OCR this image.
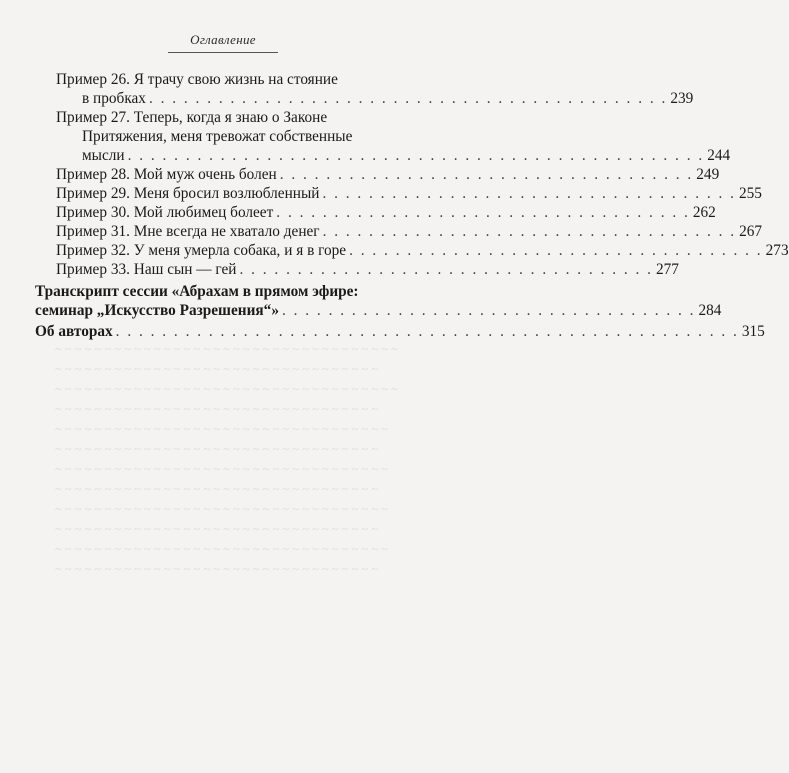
Оглавление

~ ~ ~ ~ ~ ~ ~ ~ ~ ~ ~ ~ ~ ~ ~ ~ ~ ~ ~ ~ ~ ~ ~ ~ ~ ~ ~ ~ ~ ~ ~ ~ ~ ~ ~

~ ~ ~ ~ ~ ~ ~ ~ ~ ~ ~ ~ ~ ~ ~ ~ ~ ~ ~ ~ ~ ~ ~ ~ ~ ~ ~ ~ ~ ~ ~ ~ ~

~ ~ ~ ~ ~ ~ ~ ~ ~ ~ ~ ~ ~ ~ ~ ~ ~ ~ ~ ~ ~ ~ ~ ~ ~ ~ ~ ~ ~ ~ ~ ~ ~ ~ ~

~ ~ ~ ~ ~ ~ ~ ~ ~ ~ ~ ~ ~ ~ ~ ~ ~ ~ ~ ~ ~ ~ ~ ~ ~ ~ ~ ~ ~ ~ ~ ~ ~

~ ~ ~ ~ ~ ~ ~ ~ ~ ~ ~ ~ ~ ~ ~ ~ ~ ~ ~ ~ ~ ~ ~ ~ ~ ~ ~ ~ ~ ~ ~ ~ ~ ~

~ ~ ~ ~ ~ ~ ~ ~ ~ ~ ~ ~ ~ ~ ~ ~ ~ ~ ~ ~ ~ ~ ~ ~ ~ ~ ~ ~ ~ ~ ~ ~ ~

~ ~ ~ ~ ~ ~ ~ ~ ~ ~ ~ ~ ~ ~ ~ ~ ~ ~ ~ ~ ~ ~ ~ ~ ~ ~ ~ ~ ~ ~ ~ ~ ~ ~

~ ~ ~ ~ ~ ~ ~ ~ ~ ~ ~ ~ ~ ~ ~ ~ ~ ~ ~ ~ ~ ~ ~ ~ ~ ~ ~ ~ ~ ~ ~ ~ ~

~ ~ ~ ~ ~ ~ ~ ~ ~ ~ ~ ~ ~ ~ ~ ~ ~ ~ ~ ~ ~ ~ ~ ~ ~ ~ ~ ~ ~ ~ ~ ~ ~ ~

~ ~ ~ ~ ~ ~ ~ ~ ~ ~ ~ ~ ~ ~ ~ ~ ~ ~ ~ ~ ~ ~ ~ ~ ~ ~ ~ ~ ~ ~ ~ ~ ~

~ ~ ~ ~ ~ ~ ~ ~ ~ ~ ~ ~ ~ ~ ~ ~ ~ ~ ~ ~ ~ ~ ~ ~ ~ ~ ~ ~ ~ ~ ~ ~ ~ ~

~ ~ ~ ~ ~ ~ ~ ~ ~ ~ ~ ~ ~ ~ ~ ~ ~ ~ ~ ~ ~ ~ ~ ~ ~ ~ ~ ~ ~ ~ ~ ~ ~

Пример 26. Я трачу свою жизнь на стояние
в пробках . . . . . . . . . . . . . . . . . . . . . . . . . . . . . . . . . . . . . . . . . . . . . 239
Пример 27. Теперь, когда я знаю о Законе
Притяжения, меня тревожат собственные
мысли . . . . . . . . . . . . . . . . . . . . . . . . . . . . . . . . . . . . . . . . . . . . . . . . . . 244
Пример 28. Мой муж очень болен . . . . . . . . . . . . . . . . . . . . . . . . . . . . . . . . . . . . 249
Пример 29. Меня бросил возлюбленный . . . . . . . . . . . . . . . . . . . . . . . . . . . . . . . . . . . . 255
Пример 30. Мой любимец болеет . . . . . . . . . . . . . . . . . . . . . . . . . . . . . . . . . . . . 262
Пример 31. Мне всегда не хватало денег . . . . . . . . . . . . . . . . . . . . . . . . . . . . . . . . . . . . 267
Пример 32. У меня умерла собака, и я в горе . . . . . . . . . . . . . . . . . . . . . . . . . . . . . . . . . . . . 273
Пример 33. Наш сын — гей . . . . . . . . . . . . . . . . . . . . . . . . . . . . . . . . . . . . 277
Транскрипт сессии «Абрахам в прямом эфире:
семинар „Искусство Разрешения“» . . . . . . . . . . . . . . . . . . . . . . . . . . . . . . . . . . . . 284
Об авторах . . . . . . . . . . . . . . . . . . . . . . . . . . . . . . . . . . . . . . . . . . . . . . . . . . . . . . 315
